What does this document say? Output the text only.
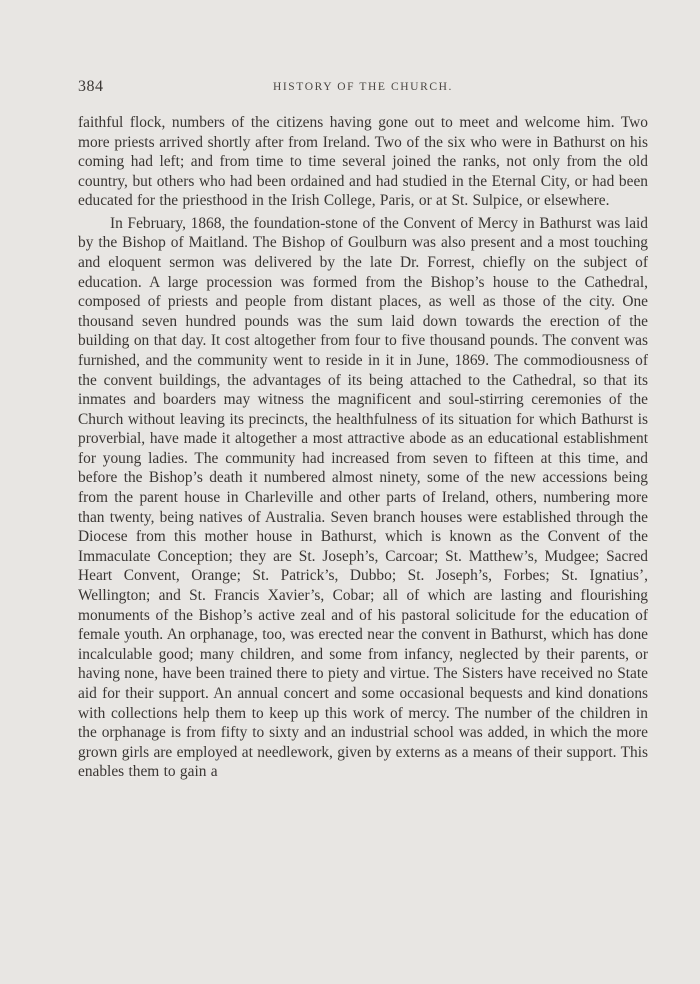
384	HISTORY OF THE CHURCH.

faithful flock, numbers of the citizens having gone out to meet and welcome him. Two more priests arrived shortly after from Ireland. Two of the six who were in Bathurst on his coming had left; and from time to time several joined the ranks, not only from the old country, but others who had been ordained and had studied in the Eternal City, or had been educated for the priesthood in the Irish College, Paris, or at St. Sulpice, or elsewhere.

In February, 1868, the foundation-stone of the Convent of Mercy in Bathurst was laid by the Bishop of Maitland. The Bishop of Goulburn was also present and a most touching and eloquent sermon was delivered by the late Dr. Forrest, chiefly on the subject of education. A large procession was formed from the Bishop’s house to the Cathedral, composed of priests and people from distant places, as well as those of the city. One thousand seven hundred pounds was the sum laid down towards the erection of the building on that day. It cost altogether from four to five thousand pounds. The convent was furnished, and the community went to reside in it in June, 1869. The commodiousness of the convent buildings, the advantages of its being attached to the Cathedral, so that its inmates and boarders may witness the magnificent and soul-stirring ceremonies of the Church without leaving its precincts, the healthfulness of its situation for which Bathurst is proverbial, have made it altogether a most attractive abode as an educational establishment for young ladies. The community had increased from seven to fifteen at this time, and before the Bishop’s death it numbered almost ninety, some of the new accessions being from the parent house in Charleville and other parts of Ireland, others, numbering more than twenty, being natives of Australia. Seven branch houses were established through the Diocese from this mother house in Bathurst, which is known as the Convent of the Immaculate Conception; they are St. Joseph’s, Carcoar; St. Matthew’s, Mudgee; Sacred Heart Convent, Orange; St. Patrick’s, Dubbo; St. Joseph’s, Forbes; St. Ignatius’, Wellington; and St. Francis Xavier’s, Cobar; all of which are lasting and flourishing monuments of the Bishop’s active zeal and of his pastoral solicitude for the education of female youth. An orphanage, too, was erected near the convent in Bathurst, which has done incalculable good; many children, and some from infancy, neglected by their parents, or having none, have been trained there to piety and virtue. The Sisters have received no State aid for their support. An annual concert and some occasional bequests and kind donations with collections help them to keep up this work of mercy. The number of the children in the orphanage is from fifty to sixty and an industrial school was added, in which the more grown girls are employed at needlework, given by externs as a means of their support. This enables them to gain a
